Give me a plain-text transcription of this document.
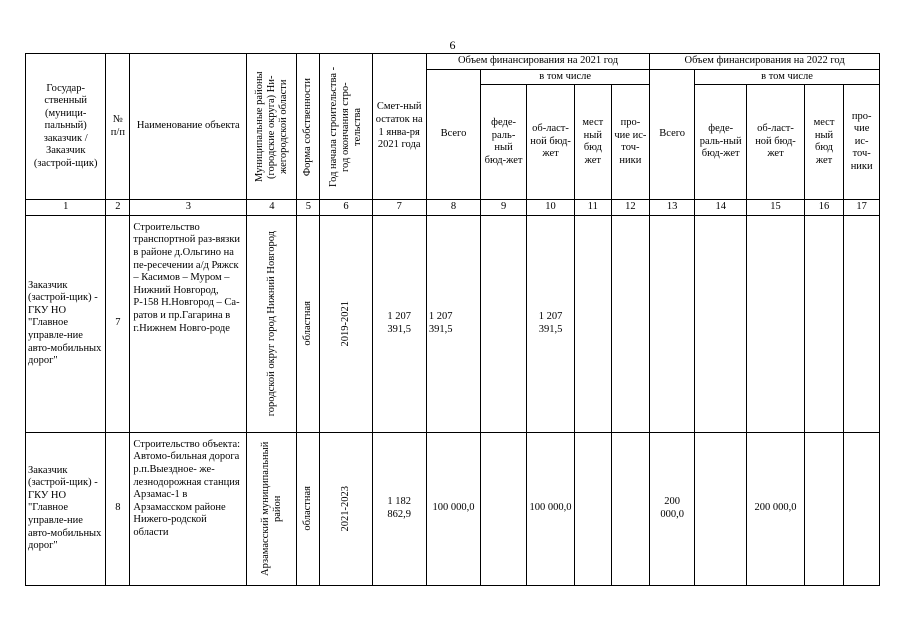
6
Государ-ственный (муници-пальный) заказчик / Заказчик (застрой-щик)	№ п/п	Наименование объекта	Муниципальные районы (городские округа) Ни-жегородской области	Форма собственности	Год начала строительства - год окончания стро-тельства	Смет-ный остаток на 1 янва-ря 2021 года	Объем финансирования на 2021 год					Объем финансирования на 2022 год				
							Всего	в том числе				Всего	в том числе			
								феде-раль-ный бюд-жет	об-ласт-ной бюд-жет	мест ный бюд жет	про-чие ис-точ-ники		феде-раль-ный бюд-жет	об-ласт-ной бюд-жет	мест ный бюд жет	про-чие ис-точ-ники
1	2	3	4	5	6	7	8	9	10	11	12	13	14	15	16	17
Заказчик (застрой-щик) - ГКУ НО "Главное управле-ние авто-мобильных дорог"	7	Строительство транспортной раз-вязки в районе д.Ольгино на пе-ресечении а/д Ряжск – Касимов – Муром – Нижний Новгород, Р-158 Н.Новгород – Са-ратов и пр.Гагарина в г.Нижнем Новго-роде	городской округ город Нижний Новгород	областная	2019-2021	1 207 391,5	1 207 391,5		1 207 391,5							
Заказчик (застрой-щик) - ГКУ НО "Главное управле-ние авто-мобильных дорог"	8	Строительство объекта: Автомо-бильная дорога р.п.Выездное- же-лезнодорожная станция Арзамас-1 в Арзамасском районе Нижего-родской области	Арзамасский муниципальный район	областная	2021-2023	1 182 862,9	100 000,0		100 000,0			200 000,0		200 000,0		
